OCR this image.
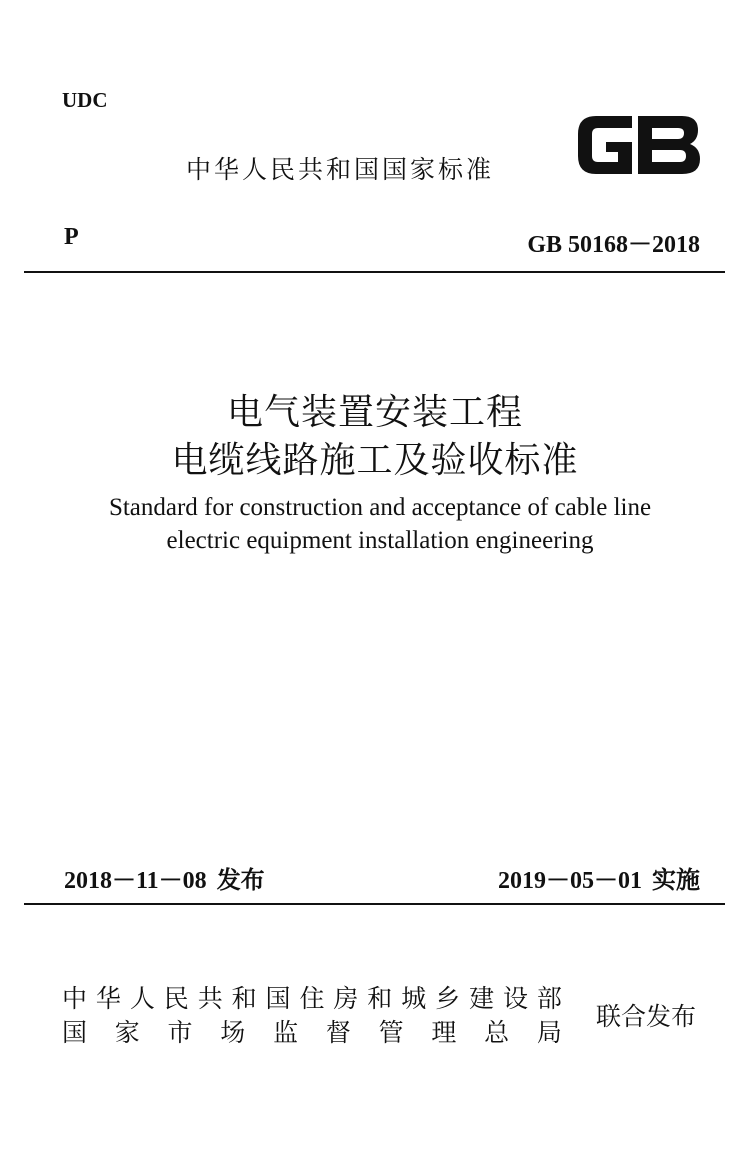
UDC
中华人民共和国国家标准
P	GB 50168－2018
电气装置安装工程
电缆线路施工及验收标准
Standard for construction and acceptance of cable line
electric equipment installation engineering
2018－11－08 发布	2019－05－01 实施
中 华 人 民 共 和 国 住 房 和 城 乡 建 设 部
国 家 市 场 监 督 管 理 总 局
联合发布
